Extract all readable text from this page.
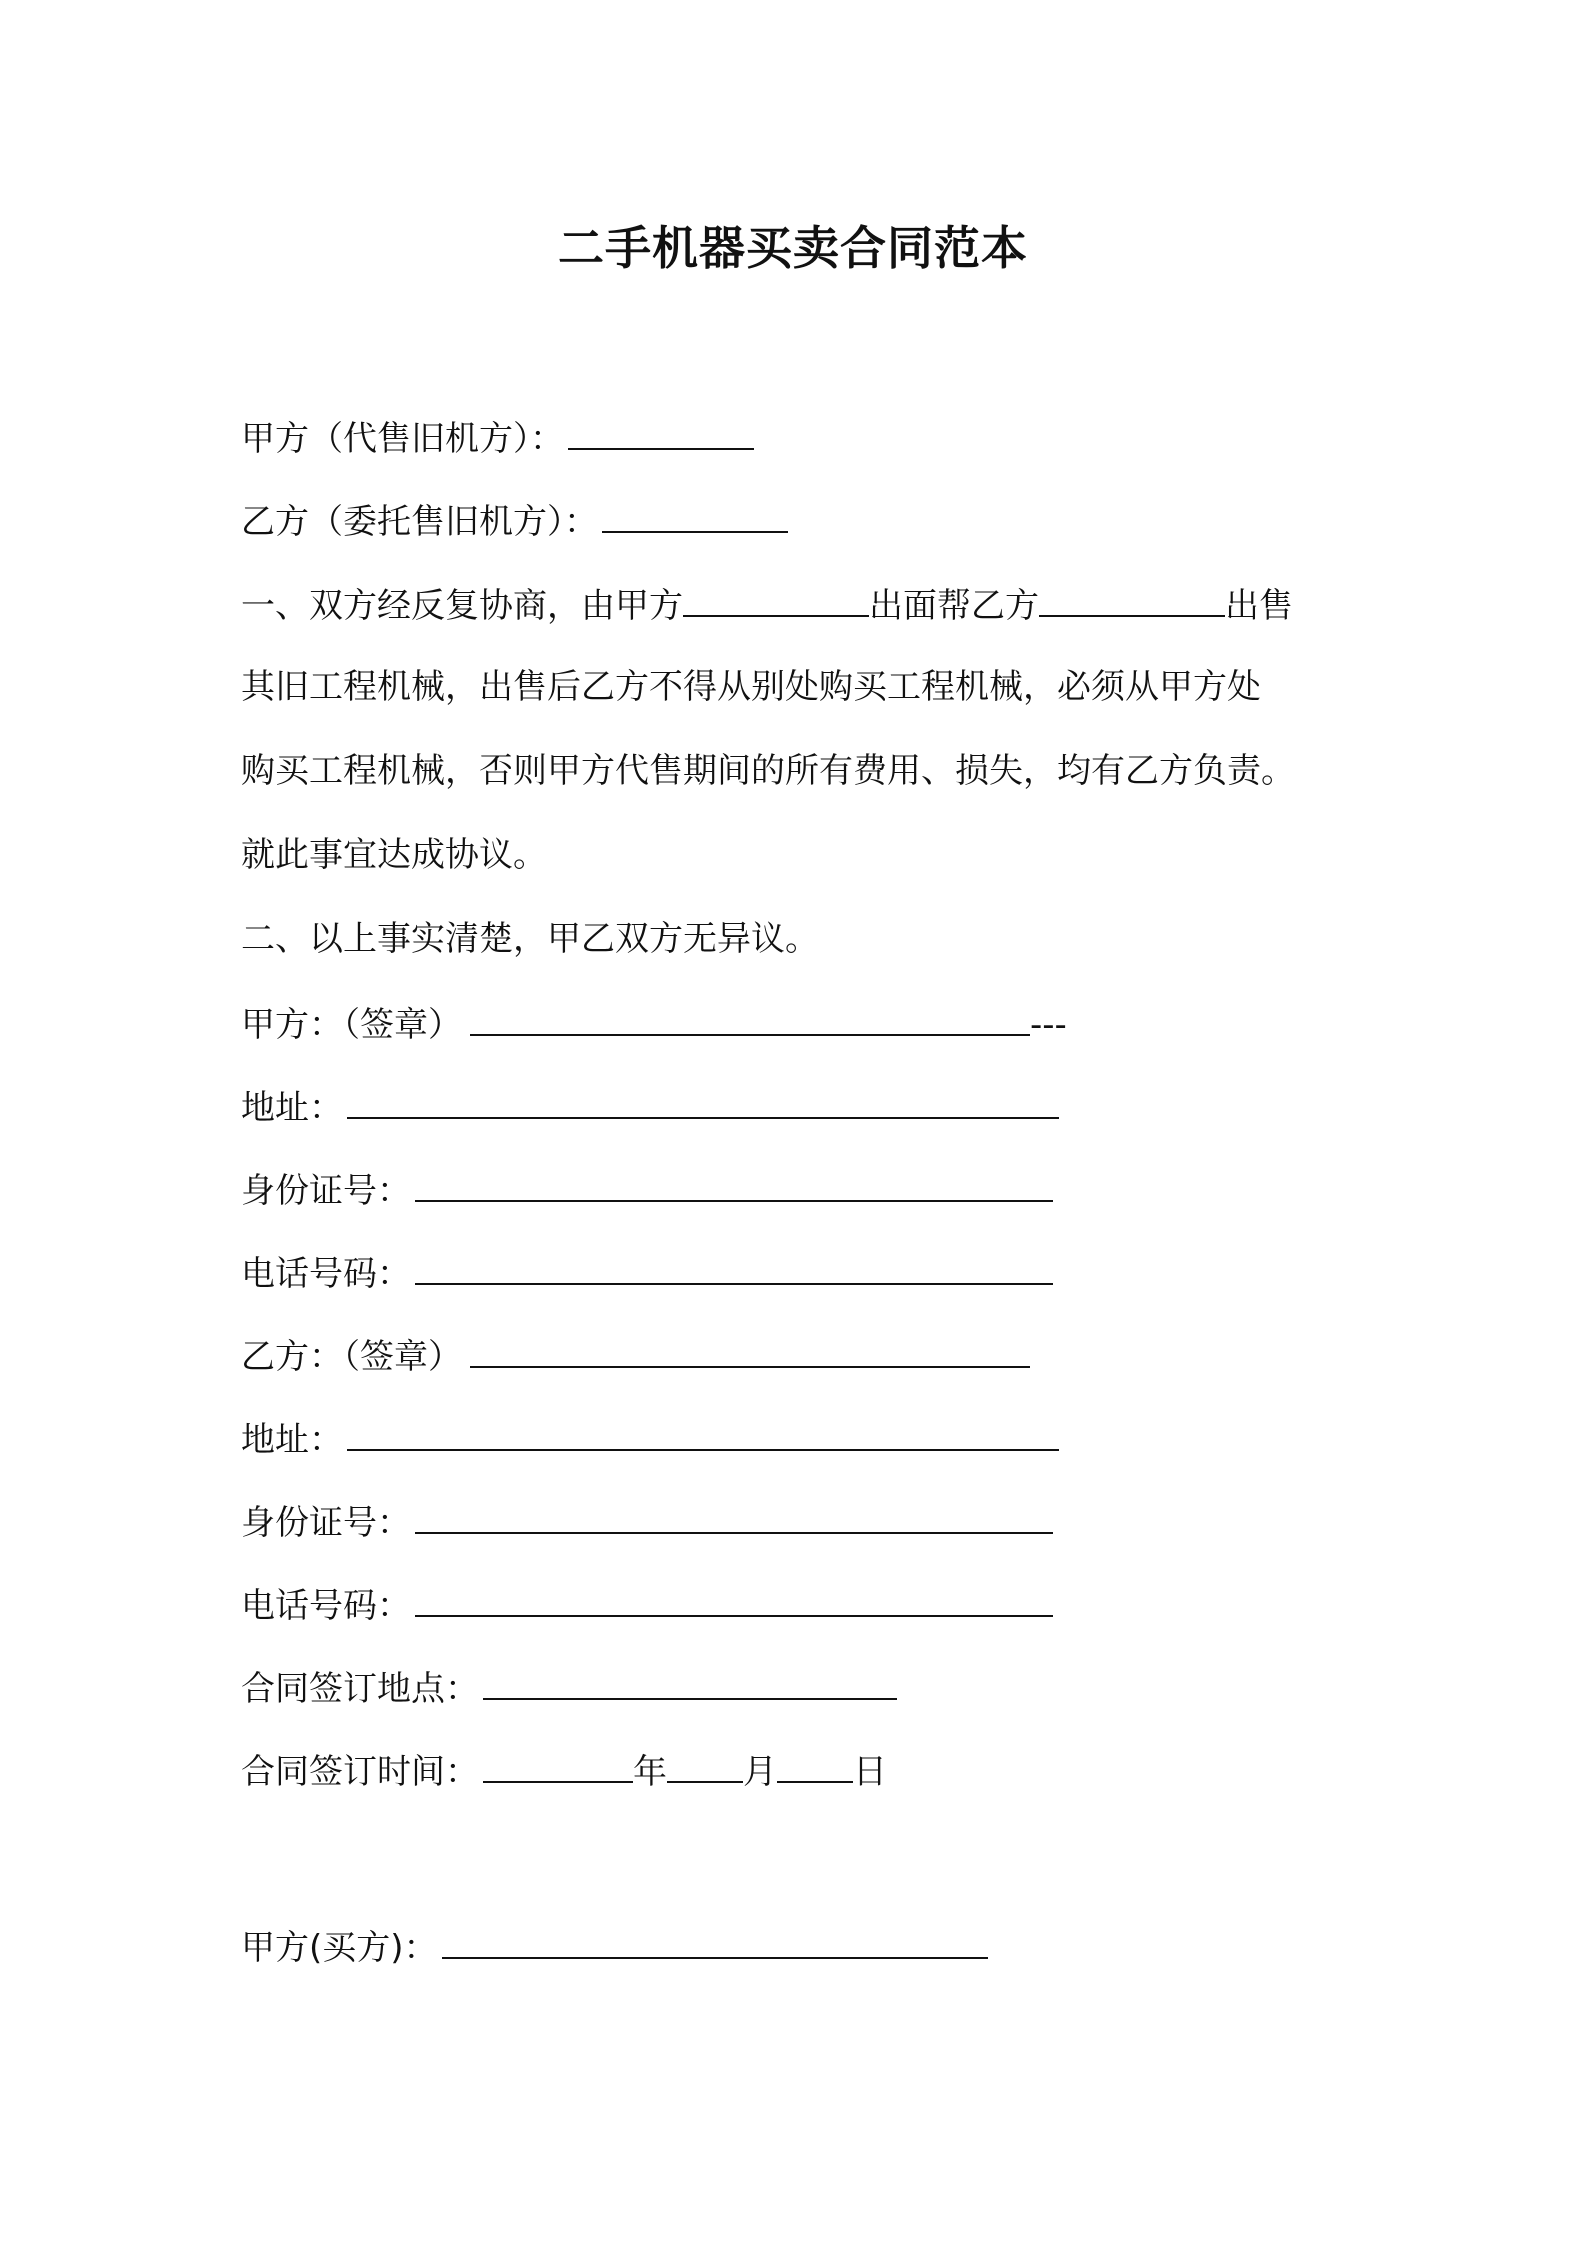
二手机器买卖合同范本
甲方（代售旧机方）：
乙方（委托售旧机方）：
一、双方经反复协商，由甲方	出面帮乙方	出售
其旧工程机械，出售后乙方不得从别处购买工程机械，必须从甲方处
购买工程机械，否则甲方代售期间的所有费用、损失，均有乙方负责。
就此事宜达成协议。
二、以上事实清楚，甲乙双方无异议。
甲方：（签章）	---
地址：
身份证号：
电话号码：
乙方：（签章）
地址：
身份证号：
电话号码：
合同签订地点：
合同签订时间：	年 月 日
甲方(买方)：
